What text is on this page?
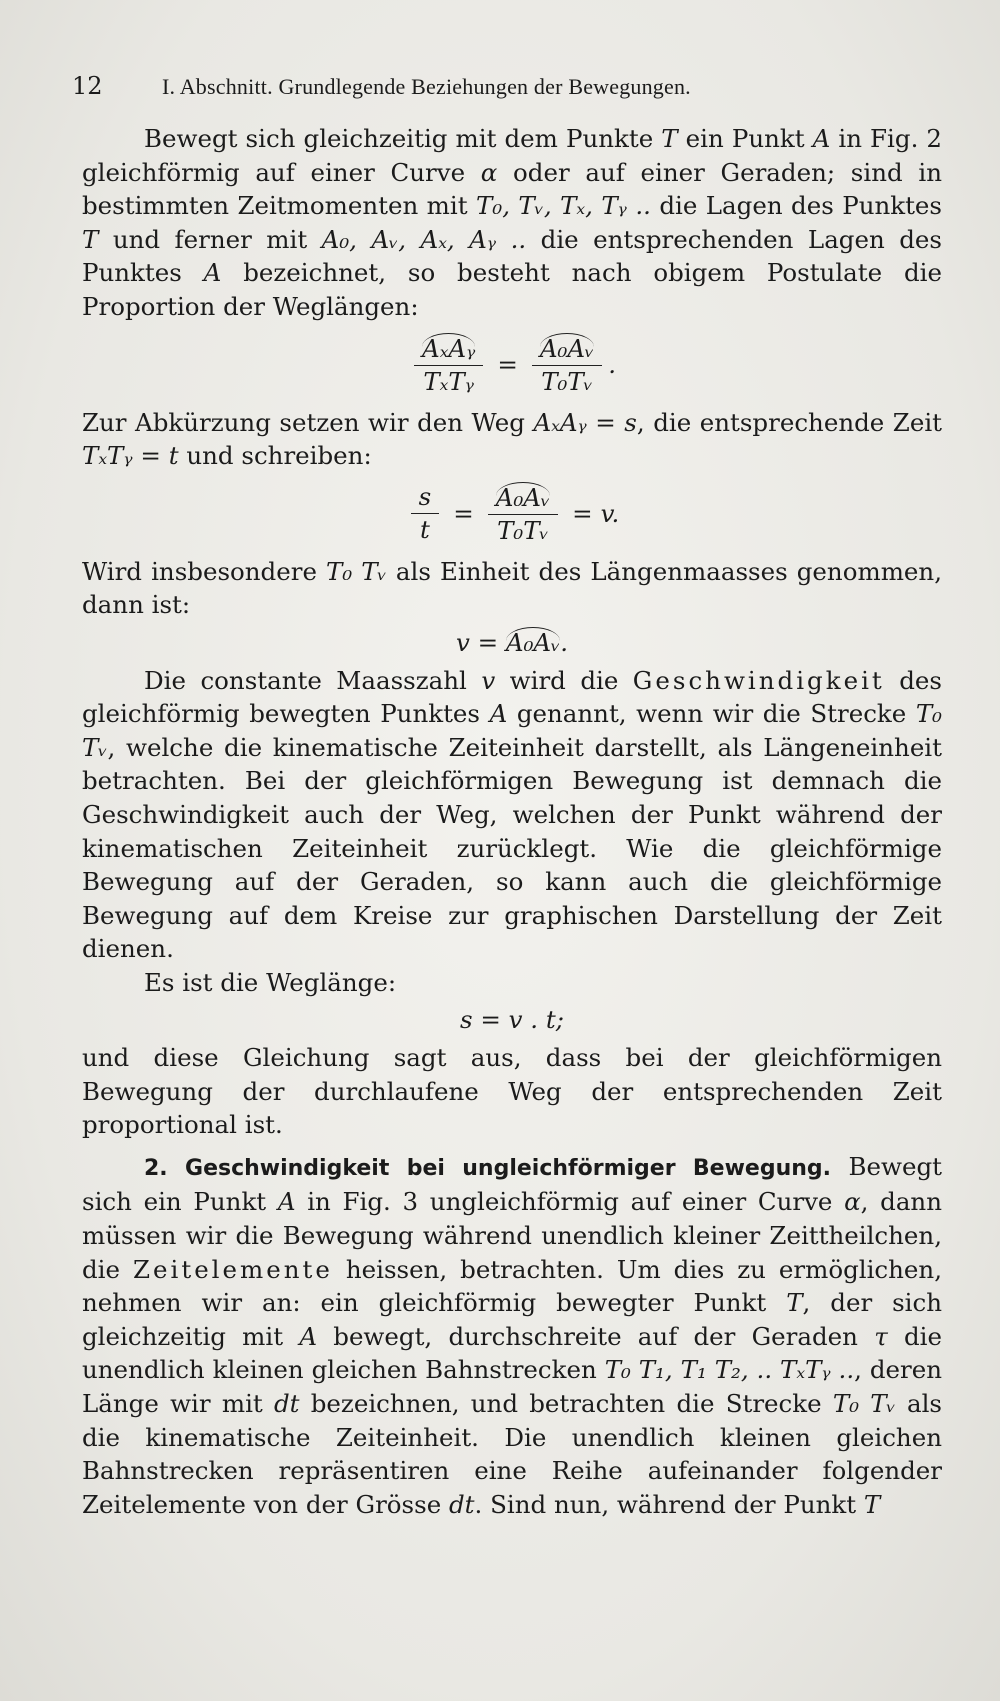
12	I. Abschnitt. Grundlegende Beziehungen der Bewegungen.

Bewegt sich gleichzeitig mit dem Punkte T ein Punkt A in Fig. 2 gleichförmig auf einer Curve α oder auf einer Geraden; sind in bestimmten Zeitmomenten mit T₀, Tᵥ, Tₓ, Tᵧ .. die Lagen des Punktes T und ferner mit A₀, Aᵥ, Aₓ, Aᵧ .. die entsprechenden Lagen des Punktes A bezeichnet, so besteht nach obigem Postulate die Proportion der Weglängen:

$\frac{\text{AₓAᵧ}}{\text{TₓTᵧ}} = \frac{\text{A₀Aᵥ}}{\text{T₀Tᵥ}}$ .

Zur Abkürzung setzen wir den Weg AₓAᵧ = s, die entsprechende Zeit TₓTᵧ = t und schreiben:

$\frac{s}{t} = \frac{\text{A₀Aᵥ}}{\text{T₀Tᵥ}} = v$.

Wird insbesondere T₀ Tᵥ als Einheit des Längenmaasses genommen, dann ist:

v = A₀Aᵥ.

Die constante Maasszahl v wird die Geschwindigkeit des gleichförmig bewegten Punktes A genannt, wenn wir die Strecke T₀ Tᵥ, welche die kinematische Zeiteinheit darstellt, als Längeneinheit betrachten. Bei der gleichförmigen Bewegung ist demnach die Geschwindigkeit auch der Weg, welchen der Punkt während der kinematischen Zeiteinheit zurücklegt. Wie die gleichförmige Bewegung auf der Geraden, so kann auch die gleichförmige Bewegung auf dem Kreise zur graphischen Darstellung der Zeit dienen.

Es ist die Weglänge:

s = v . t;

und diese Gleichung sagt aus, dass bei der gleichförmigen Bewegung der durchlaufene Weg der entsprechenden Zeit proportional ist.

2. Geschwindigkeit bei ungleichförmiger Bewegung. Bewegt sich ein Punkt A in Fig. 3 ungleichförmig auf einer Curve α, dann müssen wir die Bewegung während unendlich kleiner Zeittheilchen, die Zeitelemente heissen, betrachten. Um dies zu ermöglichen, nehmen wir an: ein gleichförmig bewegter Punkt T, der sich gleichzeitig mit A bewegt, durchschreite auf der Geraden τ die unendlich kleinen gleichen Bahnstrecken T₀ T₁, T₁ T₂, .. TₓTᵧ .., deren Länge wir mit dt bezeichnen, und betrachten die Strecke T₀ Tᵥ als die kinematische Zeiteinheit. Die unendlich kleinen gleichen Bahnstrecken repräsentiren eine Reihe aufeinander folgender Zeitelemente von der Grösse dt. Sind nun, während der Punkt T
